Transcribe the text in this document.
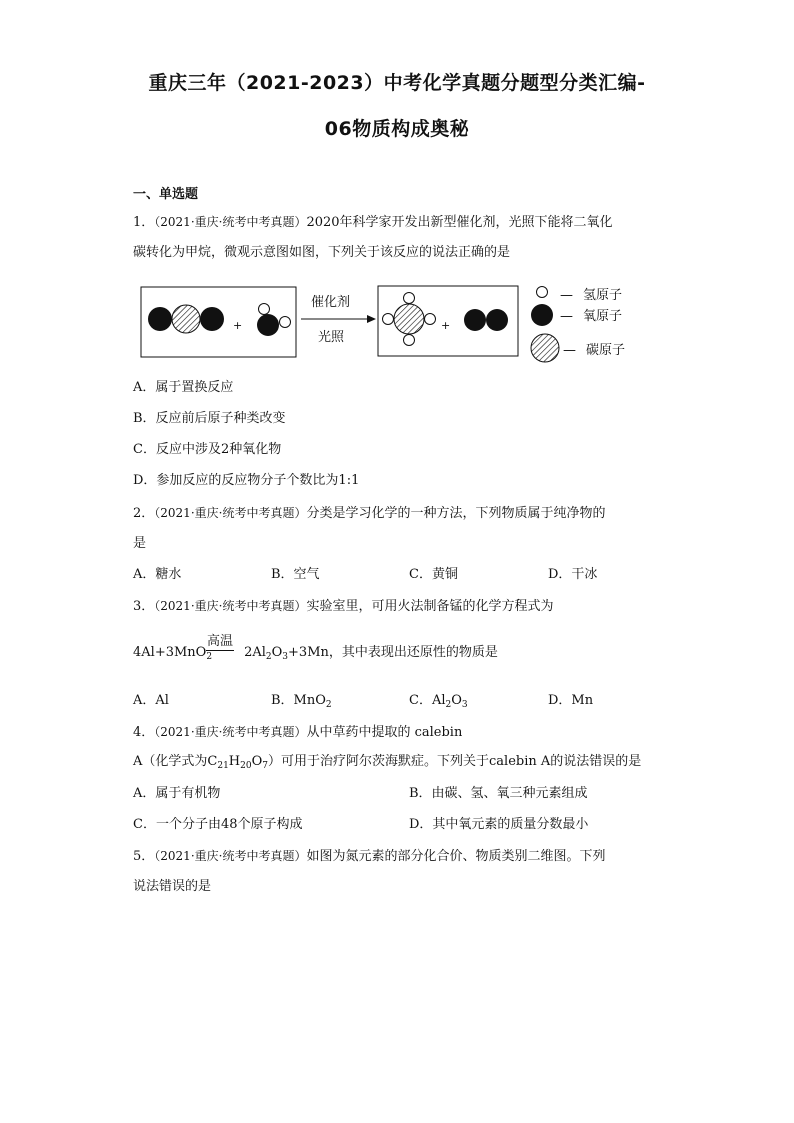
重庆三年（2021-2023）中考化学真题分题型分类汇编-
06物质构成奥秘
一、单选题
1．（2021·重庆·统考中考真题）2020年科学家开发出新型催化剂，光照下能将二氧化
碳转化为甲烷，微观示意图如图，下列关于该反应的说法正确的是
+
催化剂
光照
+
— 氢原子
— 氧原子
— 碳原子
A．属于置换反应
B．反应前后原子种类改变
C．反应中涉及2种氧化物
D．参加反应的反应物分子个数比为1:1
2．（2021·重庆·统考中考真题）分类是学习化学的一种方法，下列物质属于纯净物的
是
A．糖水	B．空气	C．黄铜	D．干冰
3．（2021·重庆·统考中考真题）实验室里，可用火法制备锰的化学方程式为
高温
4Al+3MnO$_2$ $2Al_2O_3+3Mn$，其中表现出还原性的物质是
A．Al	B．MnO$_2$	C．$Al_2O_3$	D．Mn
4．（2021·重庆·统考中考真题）从中草药中提取的 calebin
A（化学式为$C_{21}H_{20}O_7$）可用于治疗阿尔茨海默症。下列关于calebin A的说法错误的是
A．属于有机物	B．由碳、氢、氧三种元素组成
C．一个分子由48个原子构成	D．其中氧元素的质量分数最小
5．（2021·重庆·统考中考真题）如图为氮元素的部分化合价、物质类别二维图。下列
说法错误的是
